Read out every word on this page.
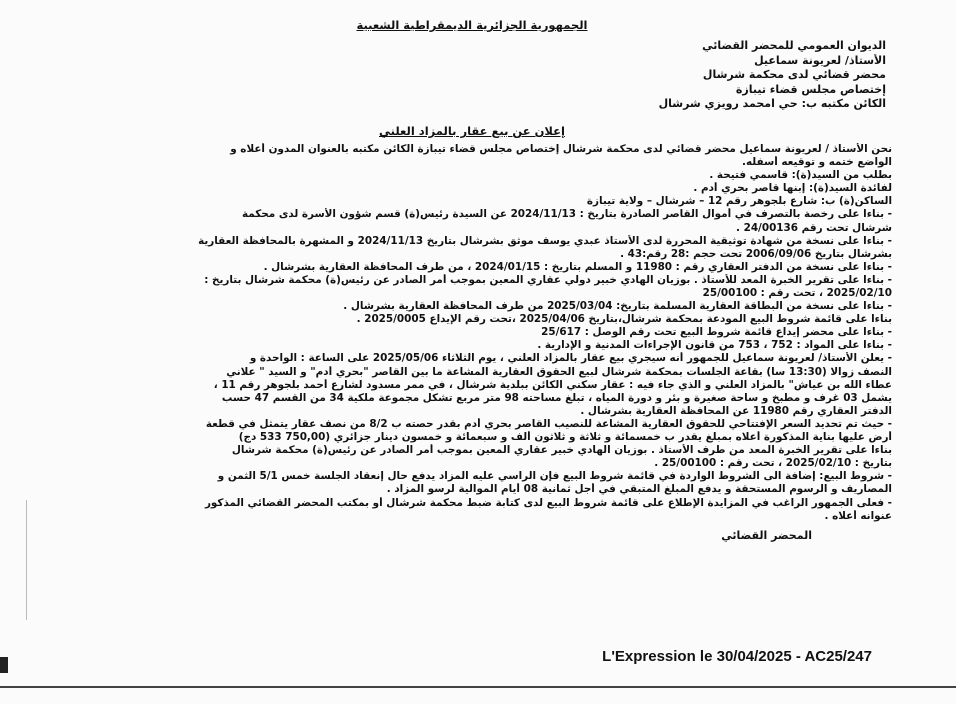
الجمهورية الجزائرية الديمقراطية الشعبية
الديوان العمومي للمحضر القضائي
الأستاذ/ لعريونة سماعيل
محضر قضائي لدى محكمة شرشال
إختصاص مجلس قضاء تيبازة
الكائن مكتبه ب: حي امحمد رويزي شرشال
إعلان عن بيع عقار بالمزاد العلني
نحن الأستاذ / لعريونة سماعيل محضر قضائي لدى محكمة شرشال إختصاص مجلس قضاء تيبازة الكائن مكتبه بالعنوان المدون أعلاه و
الواضع ختمه و توقيعه أسفله.
بطلب من السيد(ة): قاسمي فتيحة .
لفائدة السيد(ة): إبنها قاصر بحري أدم .
الساكن(ة) ب: شارع بلجوهر رقم 12 – شرشال – ولاية تيبازة
- بناءا على رخصة بالتصرف في أموال القاصر الصادرة بتاريخ : 2024/11/13 عن السيدة رئيس(ة) قسم شؤون الأسرة لدى محكمة
شرشال تحت رقم 24/00136 .
- بناءا على نسخة من شهادة توثيقية المحررة لدى الأستاذ عبدي يوسف موثق بشرشال بتاريخ 2024/11/13 و المشهرة بالمحافظة العقارية
بشرشال بتاريخ 2006/09/06 تحت حجم :28 رقم:43 .
- بناءا على نسخة من الدفتر العقاري رقم : 11980 و المسلم بتاريخ : 2024/01/15 ، من طرف المحافظة العقارية بشرشال .
- بناءا على تقرير الخبرة المعد للأستاذ . بوزيان الهادي خبير دولي عقاري المعين بموجب أمر الصادر عن رئيس(ة) محكمة شرشال بتاريخ :
2025/02/10 ، تحت رقم : 25/00100
- بناءا على نسخة من البطاقة العقارية المسلمة بتاريخ: 2025/03/04 من طرف المحافظة العقارية بشرشال .
بناءا على قائمة شروط البيع المودعة بمحكمة شرشال،بتاريخ 2025/04/06 ،تحت رقم الإيداع 2025/0005 .
- بناءا على محضر إيداع قائمة شروط البيع تحت رقم الوصل : 25/617
- بناءا على المواد : 752 ، 753 من قانون الإجراءات المدنية و الإدارية .
- يعلن الأستاذ/ لعريونة سماعيل للجمهور أنه سيجري بيع عقار بالمزاد العلني ، يوم الثلاثاء 2025/05/06 على الساعة : الواحدة و
النصف زوالا (13:30 سا) بقاعة الجلسات بمحكمة شرشال لبيع الحقوق العقارية المشاعة ما بين القاصر "بحري أدم" و السيد " علاني
عطاء الله بن عياش" بالمزاد العلني و الذي جاء فيه : عقار سكني الكائن ببلدية شرشال ، في ممر مسدود لشارع أحمد بلجوهر رقم 11 ،
يشمل 03 غرف و مطبخ و ساحة صغيرة و بئر و دورة المياه ، تبلغ مساحته 98 متر مربع تشكل مجموعة ملكية 34 من القسم 47 حسب
الدفتر العقاري رقم 11980 عن المحافظة العقارية بشرشال .
- حيث تم تحديد السعر الإفتتاحي للحقوق العقارية المشاعة للنصيب القاصر بحري أدم بقدر حصته ب 8/2 من نصف عقار يتمثل في قطعة
أرض عليها بناية المذكورة أعلاه بمبلغ يقدر ب خمسمائة و ثلاثة و ثلاثون ألف و سبعمائة و خمسون دينار جزائري (750,00 533 دج)
بناءا على تقرير الخبرة المعد من طرف الأستاذ . بوزيان الهادي خبير عقاري المعين بموجب أمر الصادر عن رئيس(ة) محكمة شرشال
بتاريخ : 2025/02/10 ، تحت رقم : 25/00100 .
- شروط البيع: إضافة الى الشروط الواردة في قائمة شروط البيع فإن الراسي عليه المزاد يدفع حال إنعقاد الجلسة خمس 5/1 الثمن و
المصاريف و الرسوم المستحقة و يدفع المبلغ المتبقي في أجل ثمانية 08 أيام الموالية لرسو المزاد .
- فعلى الجمهور الراغب في المزايدة الإطلاع على قائمة شروط البيع لدى كتابة ضبط محكمة شرشال أو بمكتب المحضر القضائي المذكور
عنوانه أعلاه .
المحضر القضائي
L'Expression le 30/04/2025 - AC25/247
